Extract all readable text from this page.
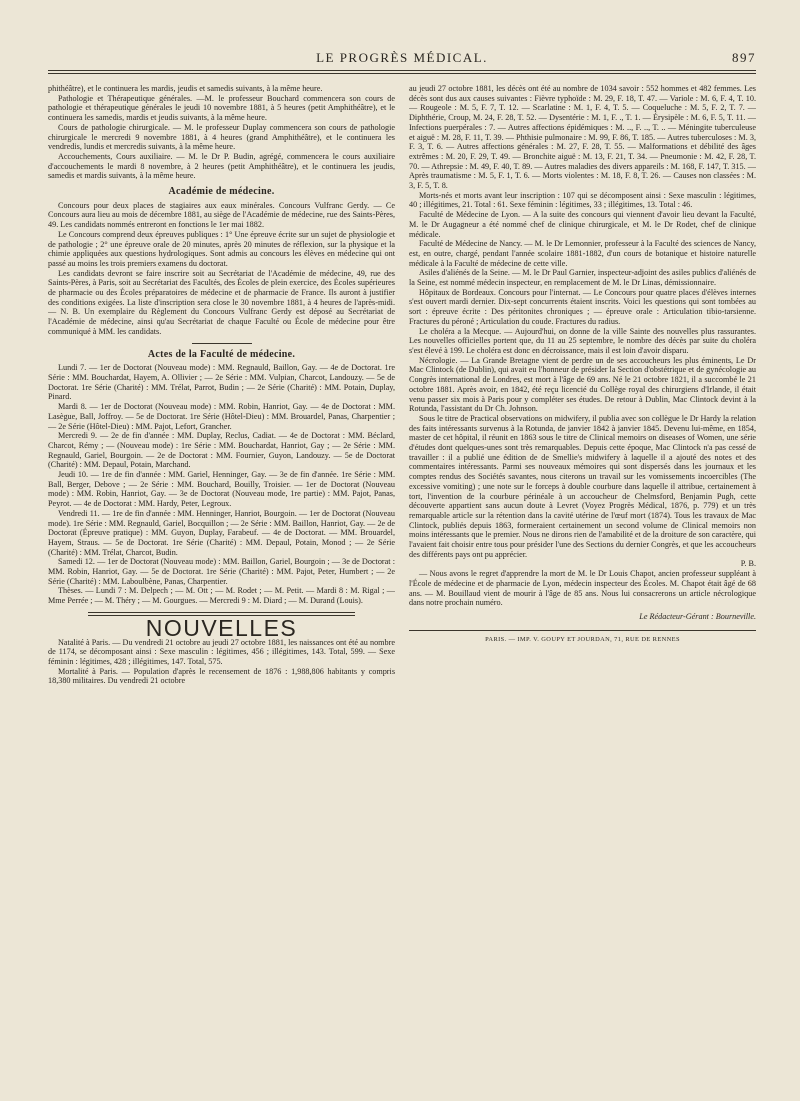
LE PROGRÈS MÉDICAL.	897

phithéâtre), et le continuera les mardis, jeudis et samedis suivants, à la même heure.

Pathologie et Thérapeutique générales. —M. le professeur Bouchard commencera son cours de pathologie et thérapeutique générales le jeudi 10 novembre 1881, à 5 heures (petit Amphithéâtre), et le continuera les samedis, mardis et jeudis suivants, à la même heure.

Cours de pathologie chirurgicale. — M. le professeur Duplay commencera son cours de pathologie chirurgicale le mercredi 9 novembre 1881, à 4 heures (grand Amphithéâtre), et le continuera les vendredis, lundis et mercredis suivants, à la même heure.

Accouchements, Cours auxiliaire. — M. le Dr P. Budin, agrégé, commencera le cours auxiliaire d'accouchements le mardi 8 novembre, à 2 heures (petit Amphithéâtre), et le continuera les jeudis, samedis et mardis suivants, à la même heure.

Académie de médecine.

Concours pour deux places de stagiaires aux eaux minérales. Concours Vulfranc Gerdy. — Ce Concours aura lieu au mois de décembre 1881, au siège de l'Académie de médecine, rue des Saints-Pères, 49. Les candidats nommés entreront en fonctions le 1er mai 1882.

Le Concours comprend deux épreuves publiques : 1° Une épreuve écrite sur un sujet de physiologie et de pathologie ; 2° une épreuve orale de 20 minutes, après 20 minutes de réflexion, sur la physique et la chimie appliquées aux questions hydrologiques. Sont admis au concours les élèves en médecine qui ont passé au moins les trois premiers examens du doctorat.

Les candidats devront se faire inscrire soit au Secrétariat de l'Académie de médecine, 49, rue des Saints-Pères, à Paris, soit au Secrétariat des Facultés, des Écoles de plein exercice, des Écoles supérieures de pharmacie ou des Écoles préparatoires de médecine et de pharmacie de France. Ils auront à justifier des conditions exigées. La liste d'inscription sera close le 30 novembre 1881, à 4 heures de l'après-midi. — N. B. Un exemplaire du Règlement du Concours Vulfranc Gerdy est déposé au Secrétariat de l'Académie de médecine, ainsi qu'au Secrétariat de chaque Faculté ou École de médecine pour être communiqué à MM. les candidats.

Actes de la Faculté de médecine.

Lundi 7. — 1er de Doctorat (Nouveau mode) : MM. Regnauld, Baillon, Gay. — 4e de Doctorat. 1re Série : MM. Bouchardat, Hayem, A. Ollivier ; — 2e Série : MM. Vulpian, Charcot, Landouzy. — 5e de Doctorat. 1re Série (Charité) : MM. Trélat, Parrot, Budin ; — 2e Série (Charité) : MM. Potain, Duplay, Pinard.

Mardi 8. — 1er de Doctorat (Nouveau mode) : MM. Robin, Hanriot, Gay. — 4e de Doctorat : MM. Lasègue, Ball, Joffroy. — 5e de Doctorat. 1re Série (Hôtel-Dieu) : MM. Brouardel, Panas, Charpentier ; — 2e Série (Hôtel-Dieu) : MM. Pajot, Lefort, Grancher.

Mercredi 9. — 2e de fin d'année : MM. Duplay, Reclus, Cadiat. — 4e de Doctorat : MM. Béclard, Charcot, Rémy ; — (Nouveau mode) : 1re Série : MM. Bouchardat, Hanriot, Gay ; — 2e Série : MM. Regnauld, Gariel, Bourgoin. — 2e de Doctorat : MM. Fournier, Guyon, Landouzy. — 5e de Doctorat (Charité) : MM. Depaul, Potain, Marchand.

Jeudi 10. — 1re de fin d'année : MM. Gariel, Henninger, Gay. — 3e de fin d'année. 1re Série : MM. Ball, Berger, Debove ; — 2e Série : MM. Bouchard, Bouilly, Troisier. — 1er de Doctorat (Nouveau mode) : MM. Robin, Hanriot, Gay. — 3e de Doctorat (Nouveau mode, 1re partie) : MM. Pajot, Panas, Peyrot. — 4e de Doctorat : MM. Hardy, Peter, Legroux.

Vendredi 11. — 1re de fin d'année : MM. Henninger, Hanriot, Bourgoin. — 1er de Doctorat (Nouveau mode). 1re Série : MM. Regnauld, Gariel, Bocquillon ; — 2e Série : MM. Baillon, Hanriot, Gay. — 2e de Doctorat (Épreuve pratique) : MM. Guyon, Duplay, Farabeuf. — 4e de Doctorat. — MM. Brouardel, Hayem, Straus. — 5e de Doctorat. 1re Série (Charité) : MM. Depaul, Potain, Monod ; — 2e Série (Charité) : MM. Trélat, Charcot, Budin.

Samedi 12. — 1er de Doctorat (Nouveau mode) : MM. Baillon, Gariel, Bourgoin ; — 3e de Doctorat : MM. Robin, Hanriot, Gay. — 5e de Doctorat. 1re Série (Charité) : MM. Pajot, Peter, Humbert ; — 2e Série (Charité) : MM. Laboulbène, Panas, Charpentier.

Thèses. — Lundi 7 : M. Delpech ; — M. Ott ; — M. Rodet ; — M. Petit. — Mardi 8 : M. Rigal ; — Mme Perrée ; — M. Théry ; — M. Gourgues. — Mercredi 9 : M. Diard ; — M. Durand (Louis).

NOUVELLES

Natalité à Paris. — Du vendredi 21 octobre au jeudi 27 octobre 1881, les naissances ont été au nombre de 1174, se décomposant ainsi : Sexe masculin : légitimes, 456 ; illégitimes, 143. Total, 599. — Sexe féminin : légitimes, 428 ; illégitimes, 147. Total, 575.

Mortalité à Paris. — Population d'après le recensement de 1876 : 1,988,806 habitants y compris 18,380 militaires. Du vendredi 21 octobre

au jeudi 27 octobre 1881, les décès ont été au nombre de 1034 savoir : 552 hommes et 482 femmes. Les décès sont dus aux causes suivantes : Fièvre typhoïde : M. 29, F. 18, T. 47. — Variole : M. 6, F. 4, T. 10. — Rougeole : M. 5, F. 7, T. 12. — Scarlatine : M. 1, F. 4, T. 5. — Coqueluche : M. 5, F. 2, T. 7. — Diphthérie, Croup, M. 24, F. 28, T. 52. — Dysentérie : M. 1, F. ., T. 1. — Érysipèle : M. 6, F. 5, T. 11. — Infections puerpérales : 7. — Autres affections épidémiques : M. .., F. .., T. .. — Méningite tuberculeuse et aiguë : M. 28, F. 11, T. 39. — Phthisie pulmonaire : M. 99, F. 86, T. 185. — Autres tuberculoses : M. 3, F. 3, T. 6. — Autres affections générales : M. 27, F. 28, T. 55. — Malformations et débilité des âges extrêmes : M. 20, F. 29, T. 49. — Bronchite aiguë : M. 13, F. 21, T. 34. — Pneumonie : M. 42, F. 28, T. 70. — Athrepsie : M. 49, F. 40, T. 89. — Autres maladies des divers appareils : M. 168, F. 147, T. 315. — Après traumatisme : M. 5, F. 1, T. 6. — Morts violentes : M. 18, F. 8, T. 26. — Causes non classées : M. 3, F. 5, T. 8.

Morts-nés et morts avant leur inscription : 107 qui se décomposent ainsi : Sexe masculin : légitimes, 40 ; illégitimes, 21. Total : 61. Sexe féminin : légitimes, 33 ; illégitimes, 13. Total : 46.

Faculté de Médecine de Lyon. — A la suite des concours qui viennent d'avoir lieu devant la Faculté, M. le Dr Augagneur a été nommé chef de clinique chirurgicale, et M. le Dr Rodet, chef de clinique médicale.

Faculté de Médecine de Nancy. — M. le Dr Lemonnier, professeur à la Faculté des sciences de Nancy, est, en outre, chargé, pendant l'année scolaire 1881-1882, d'un cours de botanique et histoire naturelle médicale à la Faculté de médecine de cette ville.

Asiles d'aliénés de la Seine. — M. le Dr Paul Garnier, inspecteur-adjoint des asiles publics d'aliénés de la Seine, est nommé médecin inspecteur, en remplacement de M. le Dr Linas, démissionnaire.

Hôpitaux de Bordeaux. Concours pour l'internat. — Le Concours pour quatre places d'élèves internes s'est ouvert mardi dernier. Dix-sept concurrents étaient inscrits. Voici les questions qui sont tombées au sort : épreuve écrite : Des péritonites chroniques ; — épreuve orale : Articulation tibio-tarsienne. Fractures du péroné ; Articulation du coude. Fractures du radius.

Le choléra a la Mecque. — Aujourd'hui, on donne de la ville Sainte des nouvelles plus rassurantes. Les nouvelles officielles portent que, du 11 au 25 septembre, le nombre des décès par suite du choléra s'est élevé à 199. Le choléra est donc en décroissance, mais il est loin d'avoir disparu.

Nécrologie. — La Grande Bretagne vient de perdre un de ses accoucheurs les plus éminents, Le Dr Mac Clintock (de Dublin), qui avait eu l'honneur de présider la Section d'obstétrique et de gynécologie au Congrès international de Londres, est mort à l'âge de 69 ans. Né le 21 octobre 1821, il a succombé le 21 octobre 1881. Après avoir, en 1842, été reçu licencié du Collège royal des chirurgiens d'Irlande, il était venu passer six mois à Paris pour y compléter ses études. De retour à Dublin, Mac Clintock devint à la Rotunda, l'assistant du Dr Ch. Johnson.

Sous le titre de Practical observations on midwifery, il publia avec son collègue le Dr Hardy la relation des faits intéressants survenus à la Rotunda, de janvier 1842 à janvier 1845. Devenu lui-même, en 1854, master de cet hôpital, il réunit en 1863 sous le titre de Clinical memoirs on diseases of Women, une série d'études dont quelques-unes sont très remarquables. Depuis cette époque, Mac Clintock n'a pas cessé de travailler : il a publié une édition de de Smellie's midwifery à laquelle il a ajouté des notes et des commentaires intéressants. Parmi ses nouveaux mémoires qui sont dispersés dans les journaux et les comptes rendus des Sociétés savantes, nous citerons un travail sur les vomissements incoercibles (The excessive vomiting) ; une note sur le forceps à double courbure dans laquelle il attribue, certainement à tort, l'invention de la courbure périnéale à un accoucheur de Chelmsford, Benjamin Pugh, cette découverte appartient sans aucun doute à Levret (Voyez Progrès Médical, 1876, p. 779) et un très remarquable article sur la rétention dans la cavité utérine de l'œuf mort (1874). Tous les travaux de Mac Clintock, publiés depuis 1863, formeraient certainement un second volume de Clinical memoirs non moins intéressants que le premier. Nous ne dirons rien de l'amabilité et de la droiture de son caractère, qui l'avaient fait choisir entre tous pour présider l'une des Sections du dernier Congrès, et que les accoucheurs des différents pays ont pu apprécier.

P. B.

— Nous avons le regret d'apprendre la mort de M. le Dr Louis Chapot, ancien professeur suppléant à l'École de médecine et de pharmacie de Lyon, médecin inspecteur des Écoles. M. Chapot était âgé de 68 ans. — M. Bouillaud vient de mourir à l'âge de 85 ans. Nous lui consacrerons un article nécrologique dans notre prochain numéro.

Le Rédacteur-Gérant : Bourneville.
PARIS. — IMP. V. GOUPY ET JOURDAN, 71, RUE DE RENNES
